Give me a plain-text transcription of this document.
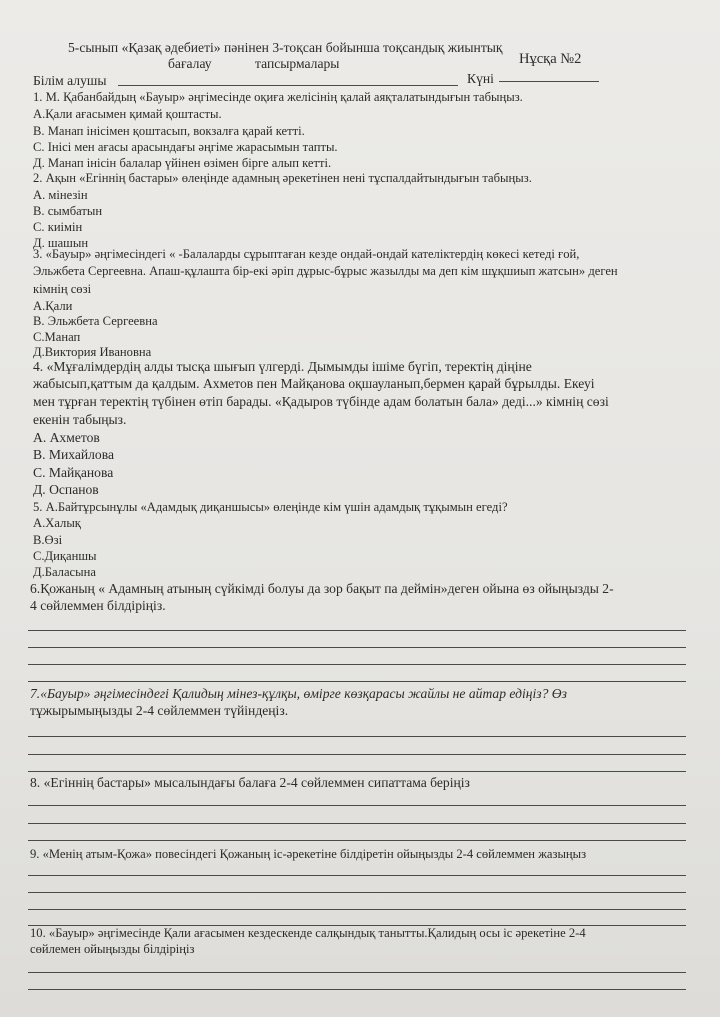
5-сынып «Қазақ әдебиеті» пәнінен 3-тоқсан бойынша тоқсандық жиынтық
бағалау	тапсырмалары	Нұсқа №2
Білім алушы	Күні
1. М. Қабанбайдың «Бауыр» әңгімесінде оқиға желісінің қалай аяқталатындығын табыңыз.
А.Қали ағасымен қимай қоштасты.
В. Манап інісімен қоштасып, вокзалға қарай кетті.
С. Інісі мен ағасы арасындағы әңгіме жарасымын тапты.
Д. Манап інісін балалар үйінен өзімен бірге алып кетті.
2. Ақын «Егіннің бастары» өлеңінде адамның әрекетінен нені тұспалдайтындығын табыңыз.
А. мінезін
В. сымбатын
С. киімін
Д. шашын
3. «Бауыр» әңгімесіндегі « -Балаларды сұрыптаған кезде ондай-ондай кателіктердің көкесі кетеді ғой,
Эльжбета Сергеевна. Апаш-құлашта бір-екі әріп дұрыс-бұрыс жазылды ма деп кім шұқшиып жатсын» деген
кімнің сөзі
А.Қали
В. Эльжбета Сергеевна
С.Манап
Д.Виктория Ивановна
4. «Мұғалімдердің алды тысқа шығып үлгерді. Дымымды ішіме бүгіп, теректің діңіне
жабысып,қаттым да қалдым. Ахметов пен Майқанова оқшауланып,бермен қарай бұрылды. Екеуі
мен тұрған теректің түбінен өтіп барады. «Қадыров түбінде адам болатын бала» деді...» кімнің сөзі
екенін табыңыз.
А. Ахметов
В. Михайлова
С. Майқанова
Д. Оспанов
5. А.Байтұрсынұлы «Адамдық диқаншысы» өлеңінде кім үшін адамдық тұқымын егеді?
А.Халық
В.Өзі
С.Диқаншы
Д.Баласына
6.Қожаның « Адамның атының сүйкімді болуы да зор бақыт па деймін»деген ойына өз ойыңызды 2-
4 сөйлеммен білдіріңіз.
7.«Бауыр» әңгімесіндегі Қалидың мінез-құлқы, өмірге көзқарасы жайлы не айтар едіңіз? Өз
тұжырымыңызды 2-4 сөйлеммен түйіндеңіз.
8. «Егіннің бастары» мысалындағы балаға 2-4 сөйлеммен сипаттама беріңіз
9. «Менің атым-Қожа» повесіндегі Қожаның іс-әрекетіне білдіретін ойыңызды 2-4 сөйлеммен жазыңыз
10. «Бауыр» әңгімесінде Қали ағасымен кездескенде салқындық танытты.Қалидың осы іс әрекетіне 2-4
сөйлемен ойыңызды білдіріңіз
